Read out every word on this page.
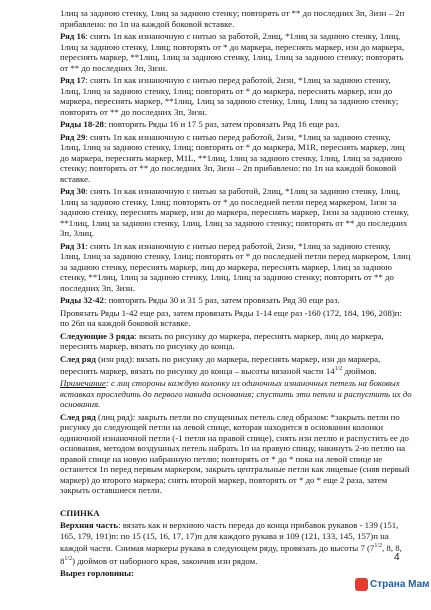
1лиц за заднюю стенку, 1лиц за заднюю стенку; повторять от ** до последних 3п, 3изн – 2п прибавлено: по 1п на каждой боковой вставке.

Ряд 16: снять 1п как изнаночную с нитью за работой, 2лиц, *1лиц за заднюю стенку, 1лиц, 1лиц за заднюю стенку, 1лиц; повторять от * до маркера, переснять маркер, изн до маркера, переснять маркер, **1лиц, 1лиц за заднюю стенку, 1лиц, 1лиц за заднюю стенку; повторять от ** до последних 3п, 3изн.

Ряд 17: снять 1п как изнаночную с нитью перед работой, 2изн, *1лиц за заднюю стенку, 1лиц, 1лиц за заднюю стенку, 1лиц; повторять от * до маркера, переснять маркер, изн до маркера, переснять маркер, **1лиц, 1лиц за заднюю стенку, 1лиц, 1лиц за заднюю стенку; повторять от ** до последних 3п, 3изн.

Ряды 18-28: повторять Ряды 16 и 17 5 раз, затем провязать Ряд 16 еще раз.

Ряд 29: снять 1п как изнаночную с нитью перед работой, 2изн, *1лиц за заднюю стенку, 1лиц, 1лиц за заднюю стенку, 1лиц; повторять от * до маркера, M1R, переснять маркер, лиц до маркера, переснять маркер, M1L, **1лиц, 1лиц за заднюю стенку, 1лиц, 1лиц за заднюю стенку; повторять от ** до последних 3п, 3изн – 2п прибавлено: по 1п на каждой боковой вставке.

Ряд 30: снять 1п как изнаночную с нитью за работой, 2лиц, *1лиц за заднюю стенку, 1лиц, 1лиц за заднюю стенку, 1лиц; повторять от * до последней петли перед маркером, 1изн за заднюю стенку, переснять маркер, изн до маркера, переснять маркер, 1изн за заднюю стенку, **1лиц, 1лиц за заднюю стенку, 1лиц, 1лиц за заднюю стенку; повторять от ** до последних 3п, 3лиц.

Ряд 31: снять 1п как изнаночную с нитью перед работой, 2изн, *1лиц за заднюю стенку, 1лиц, 1лиц за заднюю стенку, 1лиц; повторять от * до последней петли перед маркером, 1лиц за заднюю стенку, переснять маркер, лиц до маркера, переснять маркер, 1лиц за заднюю стенку, **1лиц, 1лиц за заднюю стенку, 1лиц, 1лиц за заднюю стенку; повторять от ** до последних 3п, 3изн.

Ряды 32-42: повторять Ряды 30 и 31 5 раз, затем провязать Ряд 30 еще раз.

Провязать Ряды 1-42 еще раз, затем провязать Ряды 1-14 еще раз -160 (172, 184, 196, 208)п: по 26п на каждой боковой вставке.

Следующие 3 ряда: вязать по рисунку до маркера, переснять маркер, лиц до маркера, переснять маркер, вязать по рисунку до конца.

След ряд (изн ряд): вязать по рисунку до маркера, переснять маркер, изн до маркера, переснять маркер, вязать по рисунку до конца – высоты вязаной части $14^{1/2}$ дюймов.

Примечание: с лиц стороны каждую колонку из одиночных изнаночных петель на боковых вставках проследить до первого накида основания; спустить эти петли и распустить их до основания.

След ряд (лиц ряд): закрыть петли по спущенных петель след образом: *закрыть петли по рисунку до следующей петли на левой спице, которая находится в основании колонки одиночной изнаночной петли (-1 петля на правой спице), снять изн петлю и распустить ее до основания, методом воздушных петель набрать 1п на правую спицу, накинуть 2-ю петлю на правой спице на новую набранную петлю; повторять от * до * пока на левой спице не останется 1п перед первым маркером, закрыть центральные петли как лицевые (сняв первый маркер) до второго маркера; снять второй маркер, повторять от * до * еще 2 раза, затем закрыть оставшиеся петли.

СПИНКА

Верхняя часть: вязать как и верхнюю часть переда до конца прибавок рукавов - 139 (151, 165, 179, 191)п: по 15 (15, 16, 17, 17)п для каждого рукава и 109 (121, 133, 145, 157)п на каждой части. Снимая маркеры рукава в следующем ряду, провязать до высоты 7 ($7^{1/2}$, 8, 8, $8^{1/2}$) дюймов от наборного края, закончив изн рядом.

Вырез горловины:

4
Страна Мам
